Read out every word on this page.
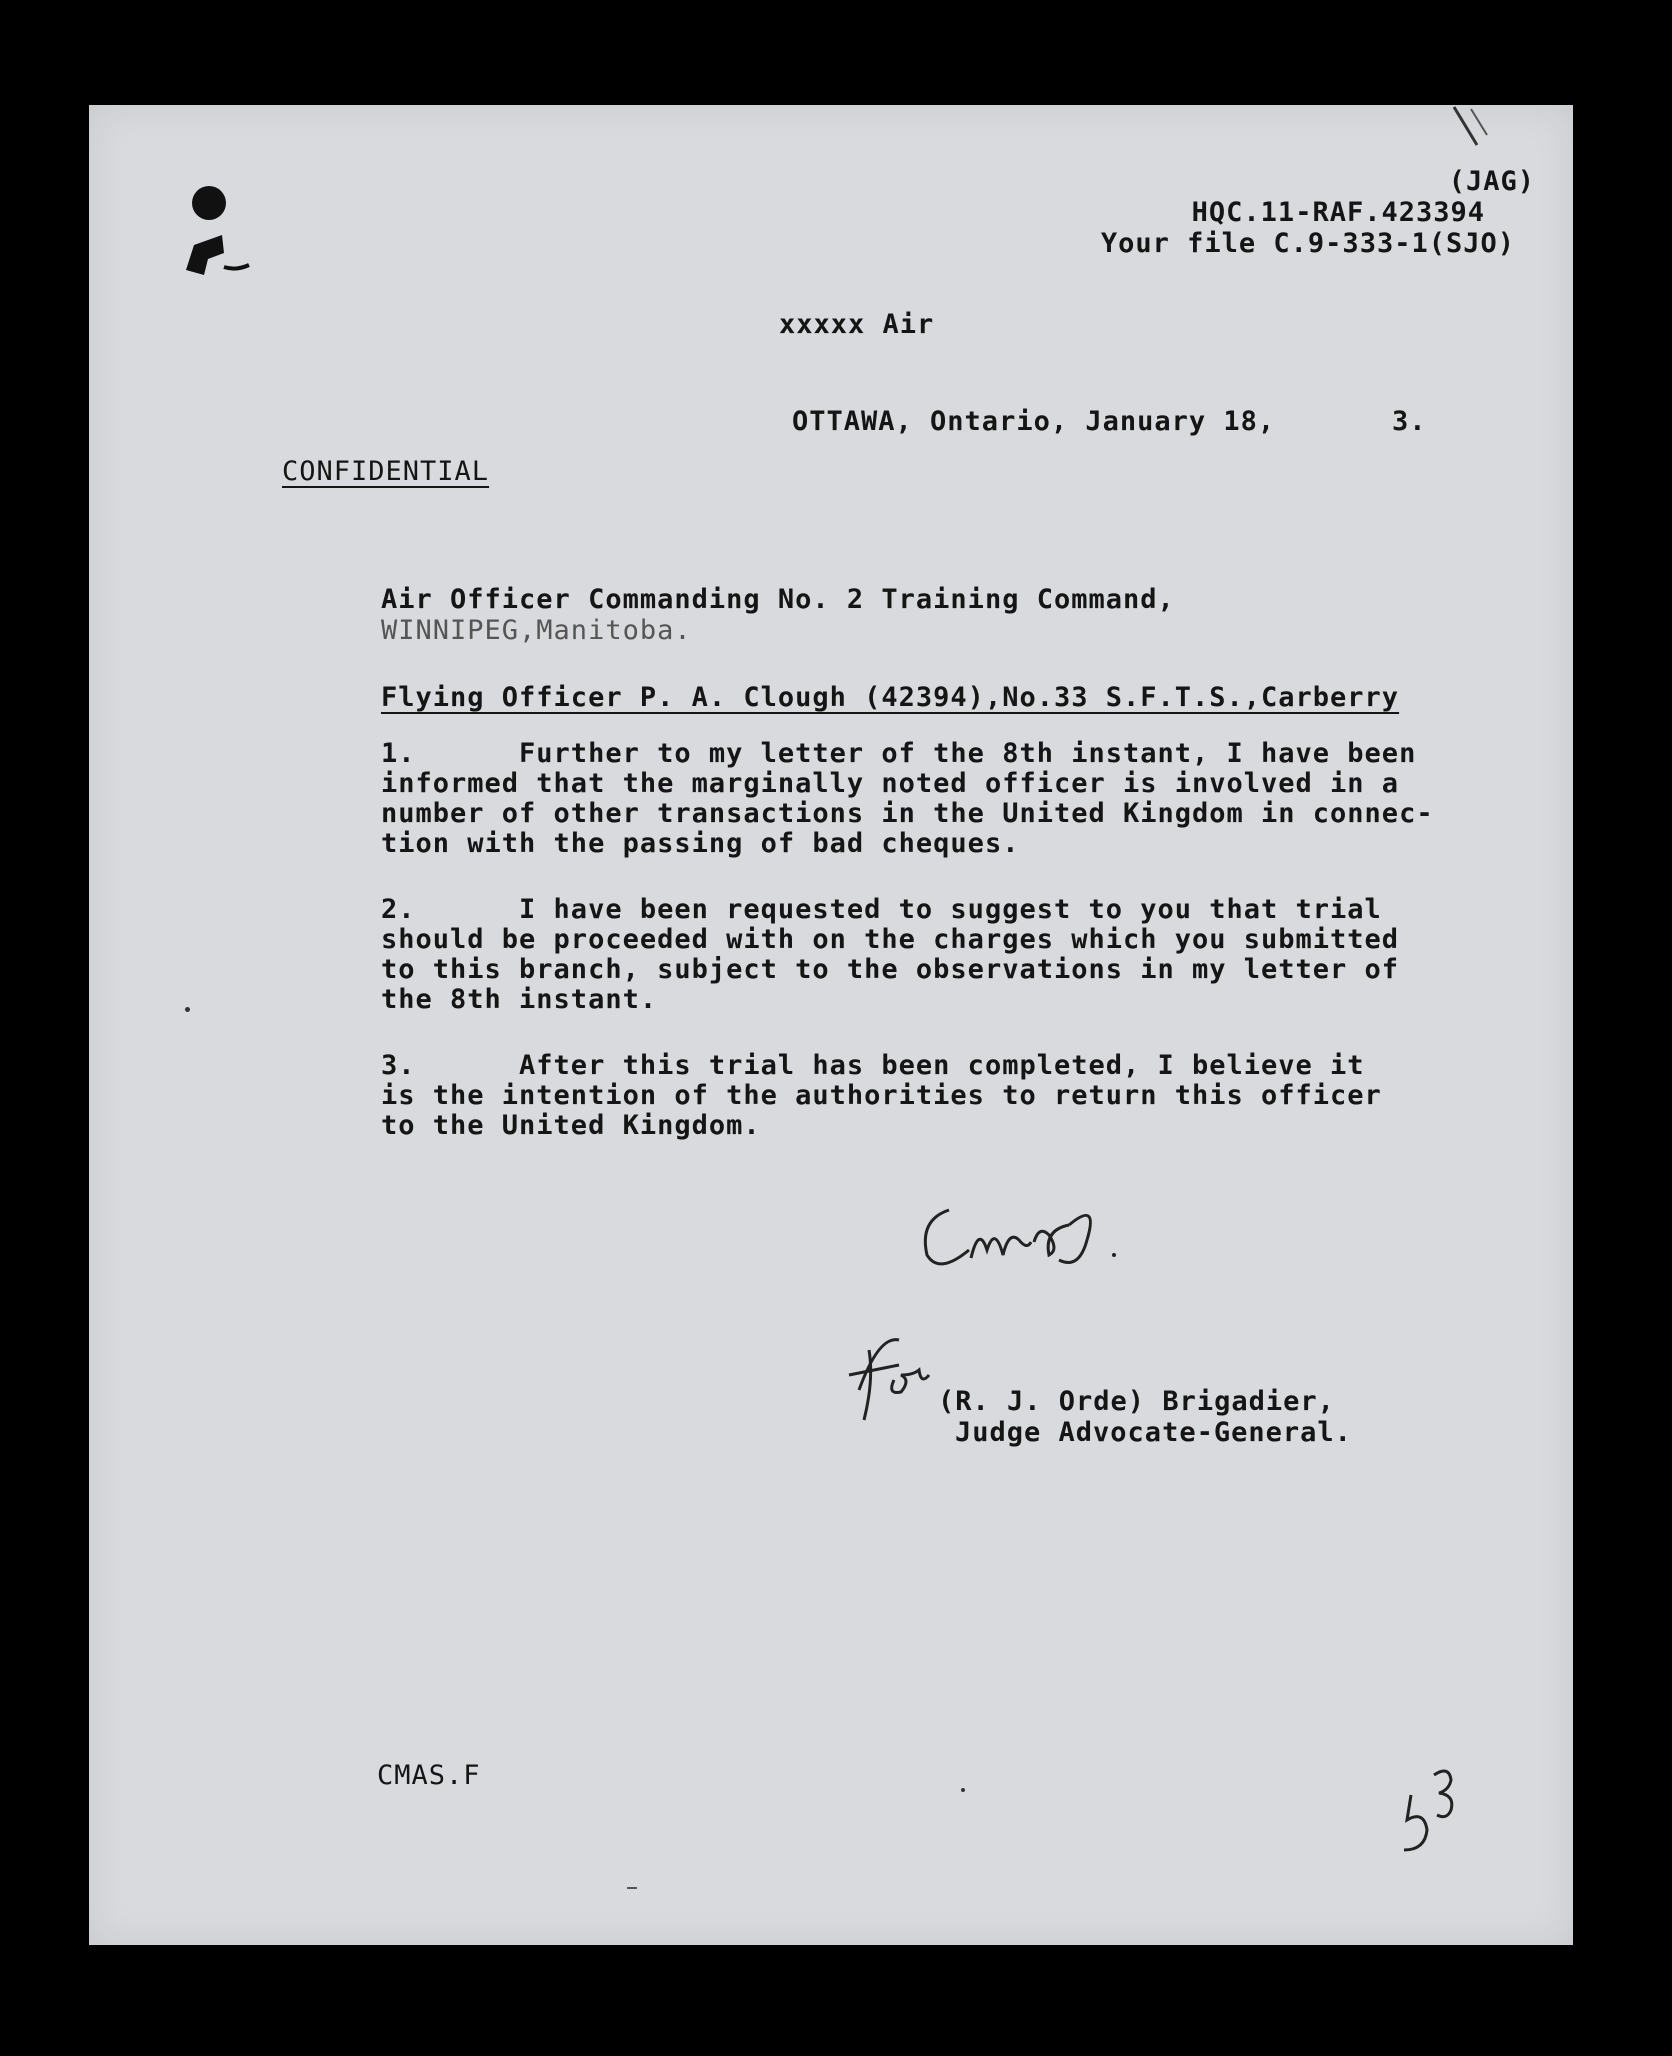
(JAG)
HQC.11-RAF.423394
Your file C.9-333-1(SJO)
xxxxx Air
OTTAWA, Ontario, January 18,	3.
CONFIDENTIAL
Air Officer Commanding No. 2 Training Command,
WINNIPEG,Manitoba.
Flying Officer P. A. Clough (42394),No.33 S.F.T.S.,Carberry
1.      Further to my letter of the 8th instant, I have been
informed that the marginally noted officer is involved in a
number of other transactions in the United Kingdom in connec-
tion with the passing of bad cheques.
2.      I have been requested to suggest to you that trial
should be proceeded with on the charges which you submitted
to this branch, subject to the observations in my letter of
the 8th instant.
3.      After this trial has been completed, I believe it
is the intention of the authorities to return this officer
to the United Kingdom.
(R. J. Orde) Brigadier,
Judge Advocate-General.
CMAS.F
